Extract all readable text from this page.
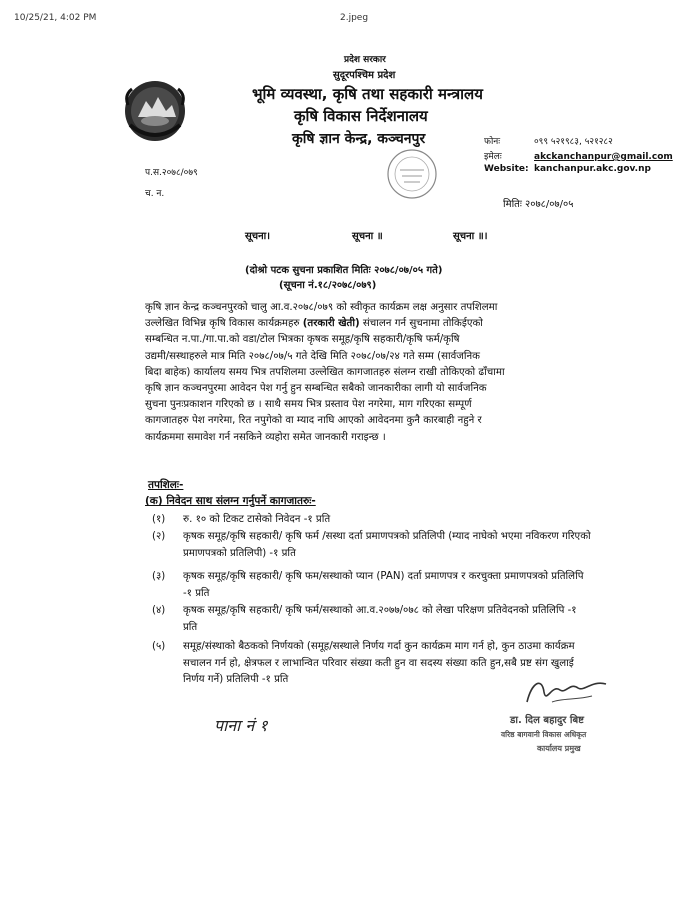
10/25/21, 4:02 PM	2.jpeg
प्रदेश सरकार
सुदूरपश्चिम प्रदेश
भूमि व्यवस्था, कृषि तथा सहकारी मन्त्रालय
कृषि विकास निर्देशनालय
कृषि ज्ञान केन्द्र, कञ्चनपुर	फोनः	०९९ ५२१९८३, ५२१२८२
इमेलः	akckanchanpur@gmail.com
Website: kanchanpur.akc.gov.np
प.स.२०७८/०७९
च. न.
मितिः २०७८/०७/०५
सूचना।	सूचना ॥	सूचना ॥।
(दोश्रो पटक सुचना प्रकाशित मितिः २०७८/०७/०५ गते)
(सूचना नं.१८/२०७८/०७९)
कृषि ज्ञान केन्द्र कञ्चनपुरको चालु आ.व.२०७८/०७९ को स्वीकृत कार्यक्रम लक्ष अनुसार तपशिलमा
उल्लेखित विभिन्न कृषि विकास कार्यक्रमहरु (तरकारी खेती) संचालन गर्न सुचनामा तोकिईएको
सम्बन्धित न.पा./गा.पा.को वडा/टोल भित्रका कृषक समूह/कृषि सहकारी/कृषि फर्म/कृषि
उद्यमी/सस्थाहरुले मात्र मिति २०७८/०७/५ गते देखि मिति २०७८/०७/२४ गते सम्म (सार्वजनिक
बिदा बाहेक) कार्यालय समय भित्र तपशिलमा उल्लेखित कागजातहरु संलग्न राखी तोकिएको ढाँचामा
कृषि ज्ञान कञ्चनपुरमा आवेदन पेश गर्नु हुन सम्बन्धित सबैको जानकारीका लागी यो सार्वजनिक
सुचना पुनःप्रकाशन गरिएको छ । साथै समय भित्र प्रस्ताव पेश नगरेमा, माग गरिएका सम्पूर्ण
कागजातहरु पेश नगरेमा, रित नपुगेको वा म्याद नाघि आएको आवेदनमा कुनै कारबाही नहुने र
कार्यक्रममा समावेश गर्न नसकिने व्यहोरा समेत जानकारी गराइन्छ ।
तपशिलः-
(क) निवेदन साथ संलग्न गर्नुपर्ने कागजातरुः-
(१) रु. १० को टिकट टासेको निवेदन -१ प्रति
(२) कृषक समूह/कृषि सहकारी/ कृषि फर्म /सस्था दर्ता प्रमाणपत्रको प्रतिलिपी (म्याद नाघेको भएमा नविकरण गरिएको प्रमाणपत्रको प्रतिलिपी) -१ प्रति
(३) कृषक समूह/कृषि सहकारी/ कृषि फम/सस्थाको प्यान (PAN) दर्ता प्रमाणपत्र र करचुक्ता प्रमाणपत्रको प्रतिलिपि -१ प्रति
(४) कृषक समूह/कृषि सहकारी/ कृषि फर्म/सस्थाको आ.व.२०७७/०७८ को लेखा परिक्षण प्रतिवेदनको प्रतिलिपि -१ प्रति
(५) समूह/संस्थाको बैठकको निर्णयको (समूह/सस्थाले निर्णय गर्दा कुन कार्यक्रम माग गर्न हो, कुन ठाउमा कार्यक्रम सचालन गर्न हो, क्षेत्रफल र लाभान्वित परिवार संख्या कती हुन वा सदस्य संख्या कति हुन,सबै प्रष्ट संग खुलाई निर्णय गर्ने) प्रतिलिपी -१ प्रति
पाना नं १	डा. दिल बहादुर बिष्ट
वरिष्ठ बागवानी विकास अधिकृत
कार्यालय प्रमुख
